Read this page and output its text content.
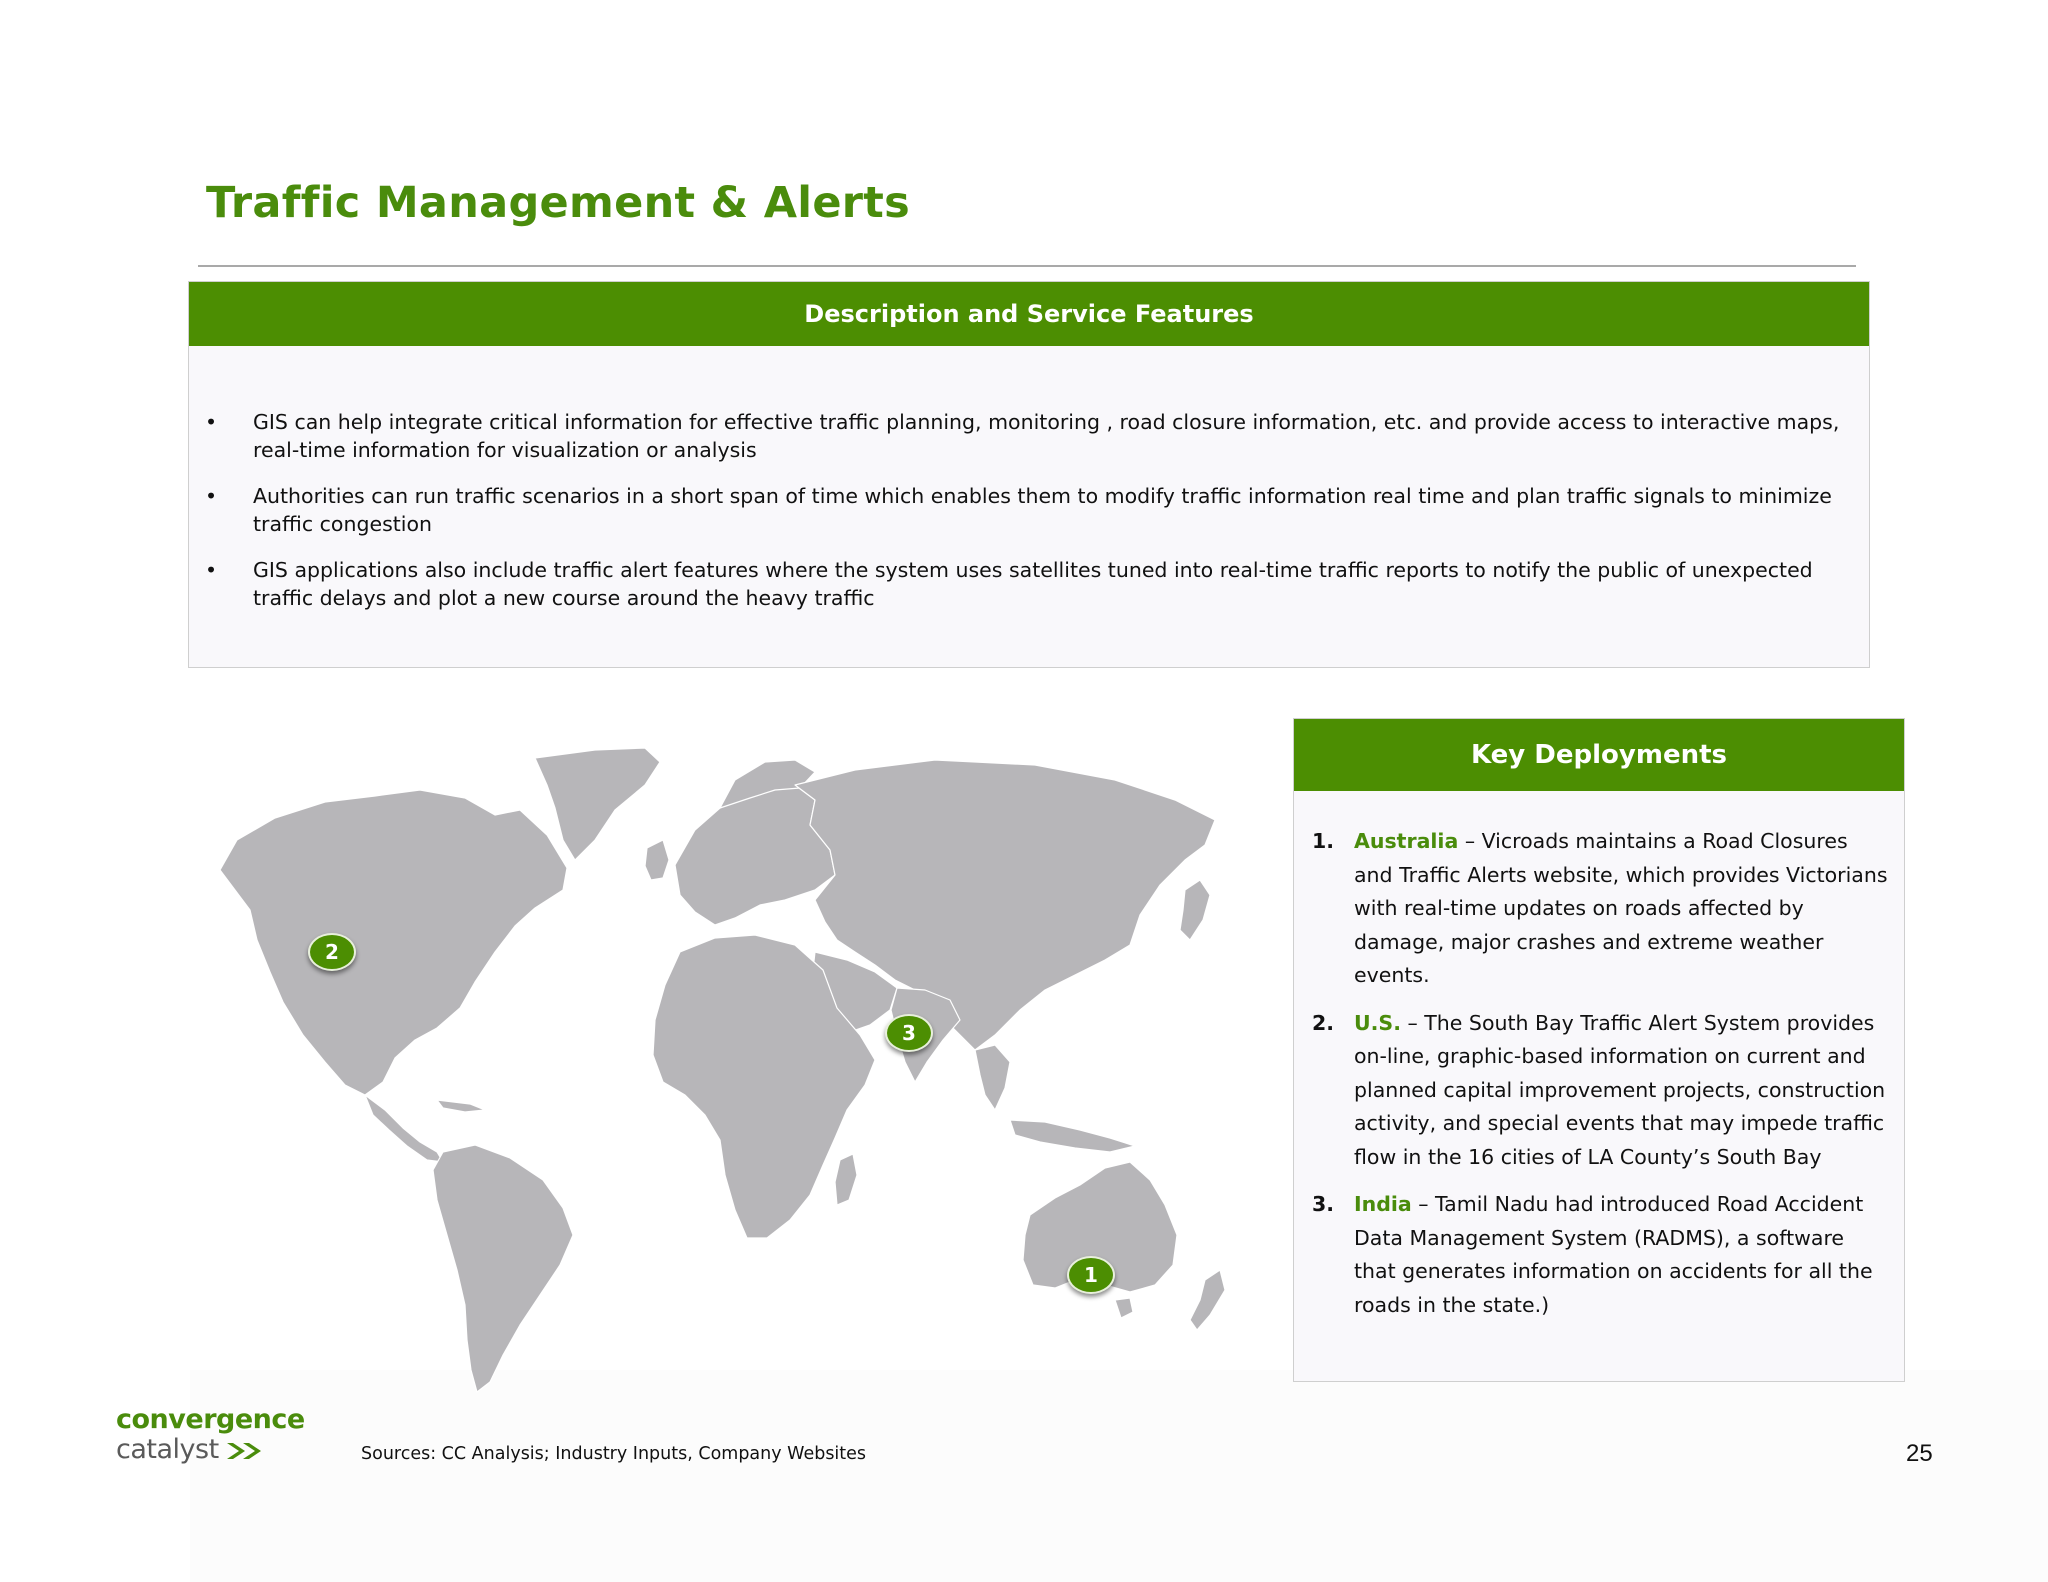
Traffic Management & Alerts
Description and Service Features
• GIS can help integrate critical information for effective traffic planning, monitoring , road closure information, etc. and provide access to interactive maps, real-time information for visualization or analysis
• Authorities can run traffic scenarios in a short span of time which enables them to modify traffic information real time and plan traffic signals to minimize traffic congestion
• GIS applications also include traffic alert features where the system uses satellites tuned into real-time traffic reports to notify the public of unexpected traffic delays and plot a new course around the heavy traffic
2
3
1
Key Deployments
1. Australia – Vicroads maintains a Road Closures and Traffic Alerts website, which provides Victorians with real-time updates on roads affected by damage, major crashes and extreme weather events.
2. U.S. – The South Bay Traffic Alert System provides on-line, graphic-based information on current and planned capital improvement projects, construction activity, and special events that may impede traffic flow in the 16 cities of LA County’s South Bay
3. India – Tamil Nadu had introduced Road Accident Data Management System (RADMS), a software that generates information on accidents for all the roads in the state.)
convergence
catalyst	Sources: CC Analysis; Industry Inputs, Company Websites	25
